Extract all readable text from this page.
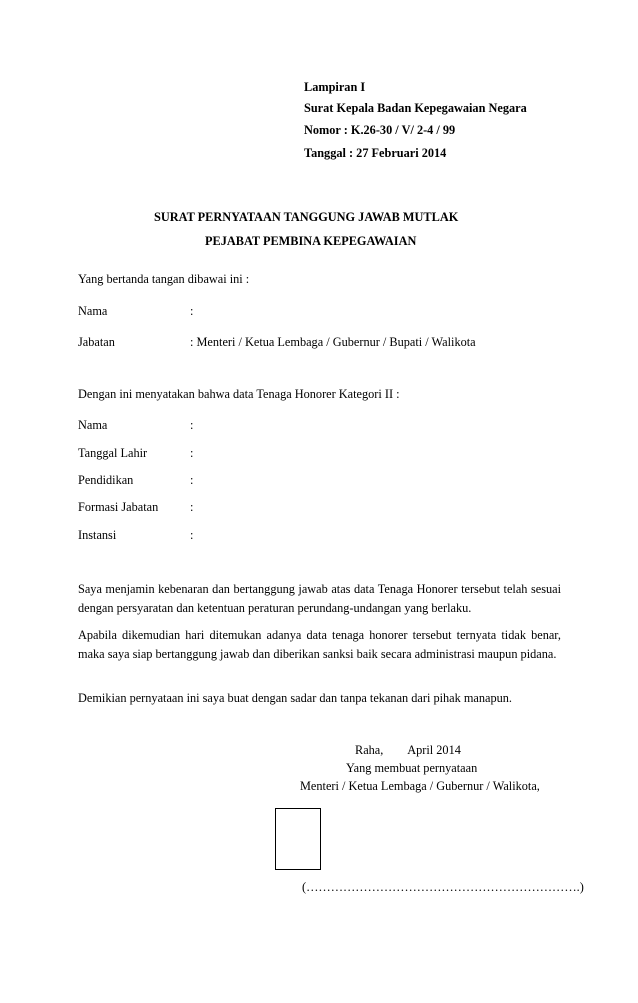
Lampiran I
Surat Kepala Badan Kepegawaian Negara
Nomor : K.26-30 / V/ 2-4 / 99
Tanggal : 27 Februari 2014
SURAT PERNYATAAN TANGGUNG JAWAB MUTLAK
PEJABAT PEMBINA KEPEGAWAIAN
Yang bertanda tangan dibawai ini :
Nama	:
Jabatan	: Menteri / Ketua Lembaga / Gubernur / Bupati / Walikota
Dengan ini menyatakan bahwa data Tenaga Honorer Kategori II :
Nama	:
Tanggal Lahir	:
Pendidikan	:
Formasi Jabatan	:
Instansi	:
Saya menjamin kebenaran dan bertanggung jawab atas data Tenaga Honorer tersebut telah sesuai dengan persyaratan dan ketentuan peraturan perundang-undangan yang berlaku.
Apabila dikemudian hari ditemukan adanya data tenaga honorer tersebut ternyata tidak benar, maka saya siap bertanggung jawab dan diberikan sanksi baik secara administrasi maupun pidana.
Demikian pernyataan ini saya buat dengan sadar dan tanpa tekanan dari pihak manapun.
Raha,        April 2014
Yang membuat pernyataan
Menteri / Ketua Lembaga / Gubernur / Walikota,
(………………………………………………………….)
